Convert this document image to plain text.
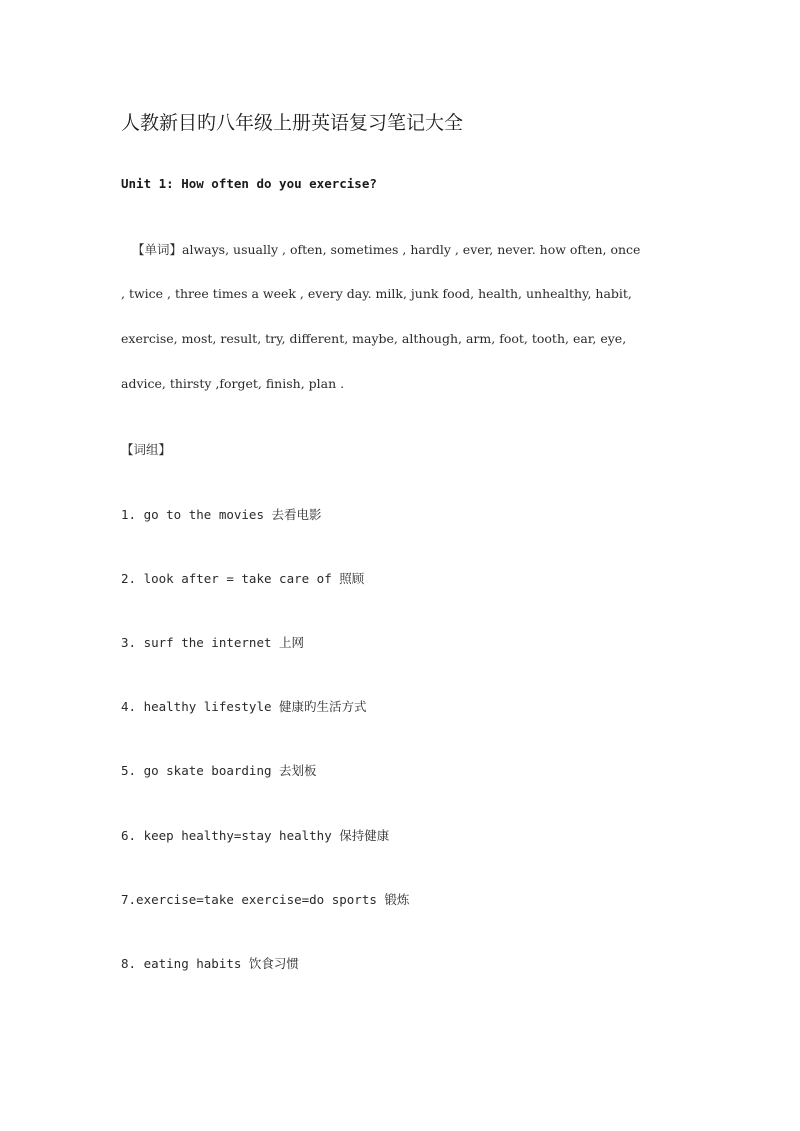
人教新目旳八年级上册英语复习笔记大全
Unit 1: How often do you exercise?
【单词】always, usually , often, sometimes , hardly , ever, never. how often, once
, twice , three times a week , every day. milk, junk food, health, unhealthy, habit,
exercise, most, result, try, different, maybe, although, arm, foot, tooth, ear, eye,
advice, thirsty ,forget, finish, plan .
【词组】
1. go to the movies 去看电影
2. look after = take care of 照顾
3. surf the internet 上网
4. healthy lifestyle 健康旳生活方式
5. go skate boarding 去划板
6. keep healthy=stay healthy 保持健康
7.exercise=take exercise=do sports 锻炼
8. eating habits 饮食习惯
